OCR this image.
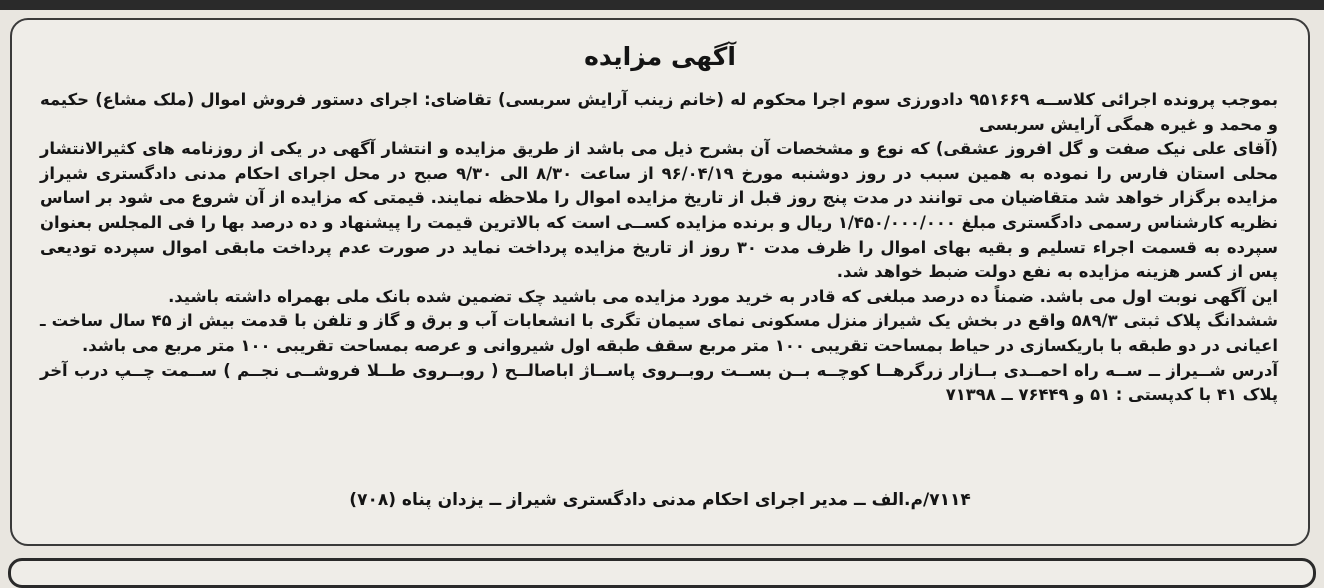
آگهی مزایده

بموجب پرونده اجرائی کلاســه ۹۵۱۶۶۹ دادورزی سوم اجرا محکوم له (خانم زینب آرایش سربسی) تقاضای: اجرای دستور فروش اموال (ملک مشاع) حکیمه و محمد و غیره همگی آرایش سربسی

(آقای علی نیک صفت و گل افروز عشقی) که نوع و مشخصات آن بشرح ذیل می باشد از طریق مزایده و انتشار آگهی در یکی از روزنامه های کثیرالانتشار محلی استان فارس را نموده به همین سبب در روز دوشنبه مورخ ۹۶/۰۴/۱۹ از ساعت ۸/۳۰ الی ۹/۳۰ صبح در محل اجرای احکام مدنی دادگستری شیراز مزایده برگزار خواهد شد متقاضیان می توانند در مدت پنج روز قبل از تاریخ مزایده اموال را ملاحظه نمایند. قیمتی که مزایده از آن شروع می شود بر اساس نظریه کارشناس رسمی دادگستری مبلغ ۱/۴۵۰/۰۰۰/۰۰۰ ریال و برنده مزایده کســی است که بالاترین قیمت را پیشنهاد و ده درصد بها را فی المجلس بعنوان سپرده به قسمت اجراء تسلیم و بقیه بهای اموال را ظرف مدت ۳۰ روز از تاریخ مزایده پرداخت نماید در صورت عدم پرداخت مابقی اموال سپرده تودیعی پس از کسر هزینه مزایده به نفع دولت ضبط خواهد شد.

این آگهی نوبت اول می باشد. ضمناً ده درصد مبلغی که قادر به خرید مورد مزایده می باشید چک تضمین شده بانک ملی بهمراه داشته باشید.

ششدانگ پلاک ثبتی ۵۸۹/۳ واقع در بخش یک شیراز منزل مسکونی نمای سیمان تگری با انشعابات آب و برق و گاز و تلفن با قدمت بیش از ۴۵ سال ساخت ـ اعیانی در دو طبقه با باریکسازی در حیاط بمساحت تقریبی ۱۰۰ متر مربع سقف طبقه اول شیروانی و عرصه بمساحت تقریبی ۱۰۰ متر مربع می باشد.

آدرس شــیراز ــ ســه راه احمــدی بــازار زرگرهــا کوچــه بــن بســت روبــروی پاســاژ اباصالــح ( روبــروی طــلا فروشــی نجــم ) ســمت چــپ درب آخر پلاک ۴۱ با کدپستی : ۵۱ و ۷۶۴۴۹ ــ ۷۱۳۹۸

۷۱۱۴/م.الف ــ مدیر اجرای احکام مدنی دادگستری شیراز ــ یزدان پناه (۷۰۸)
